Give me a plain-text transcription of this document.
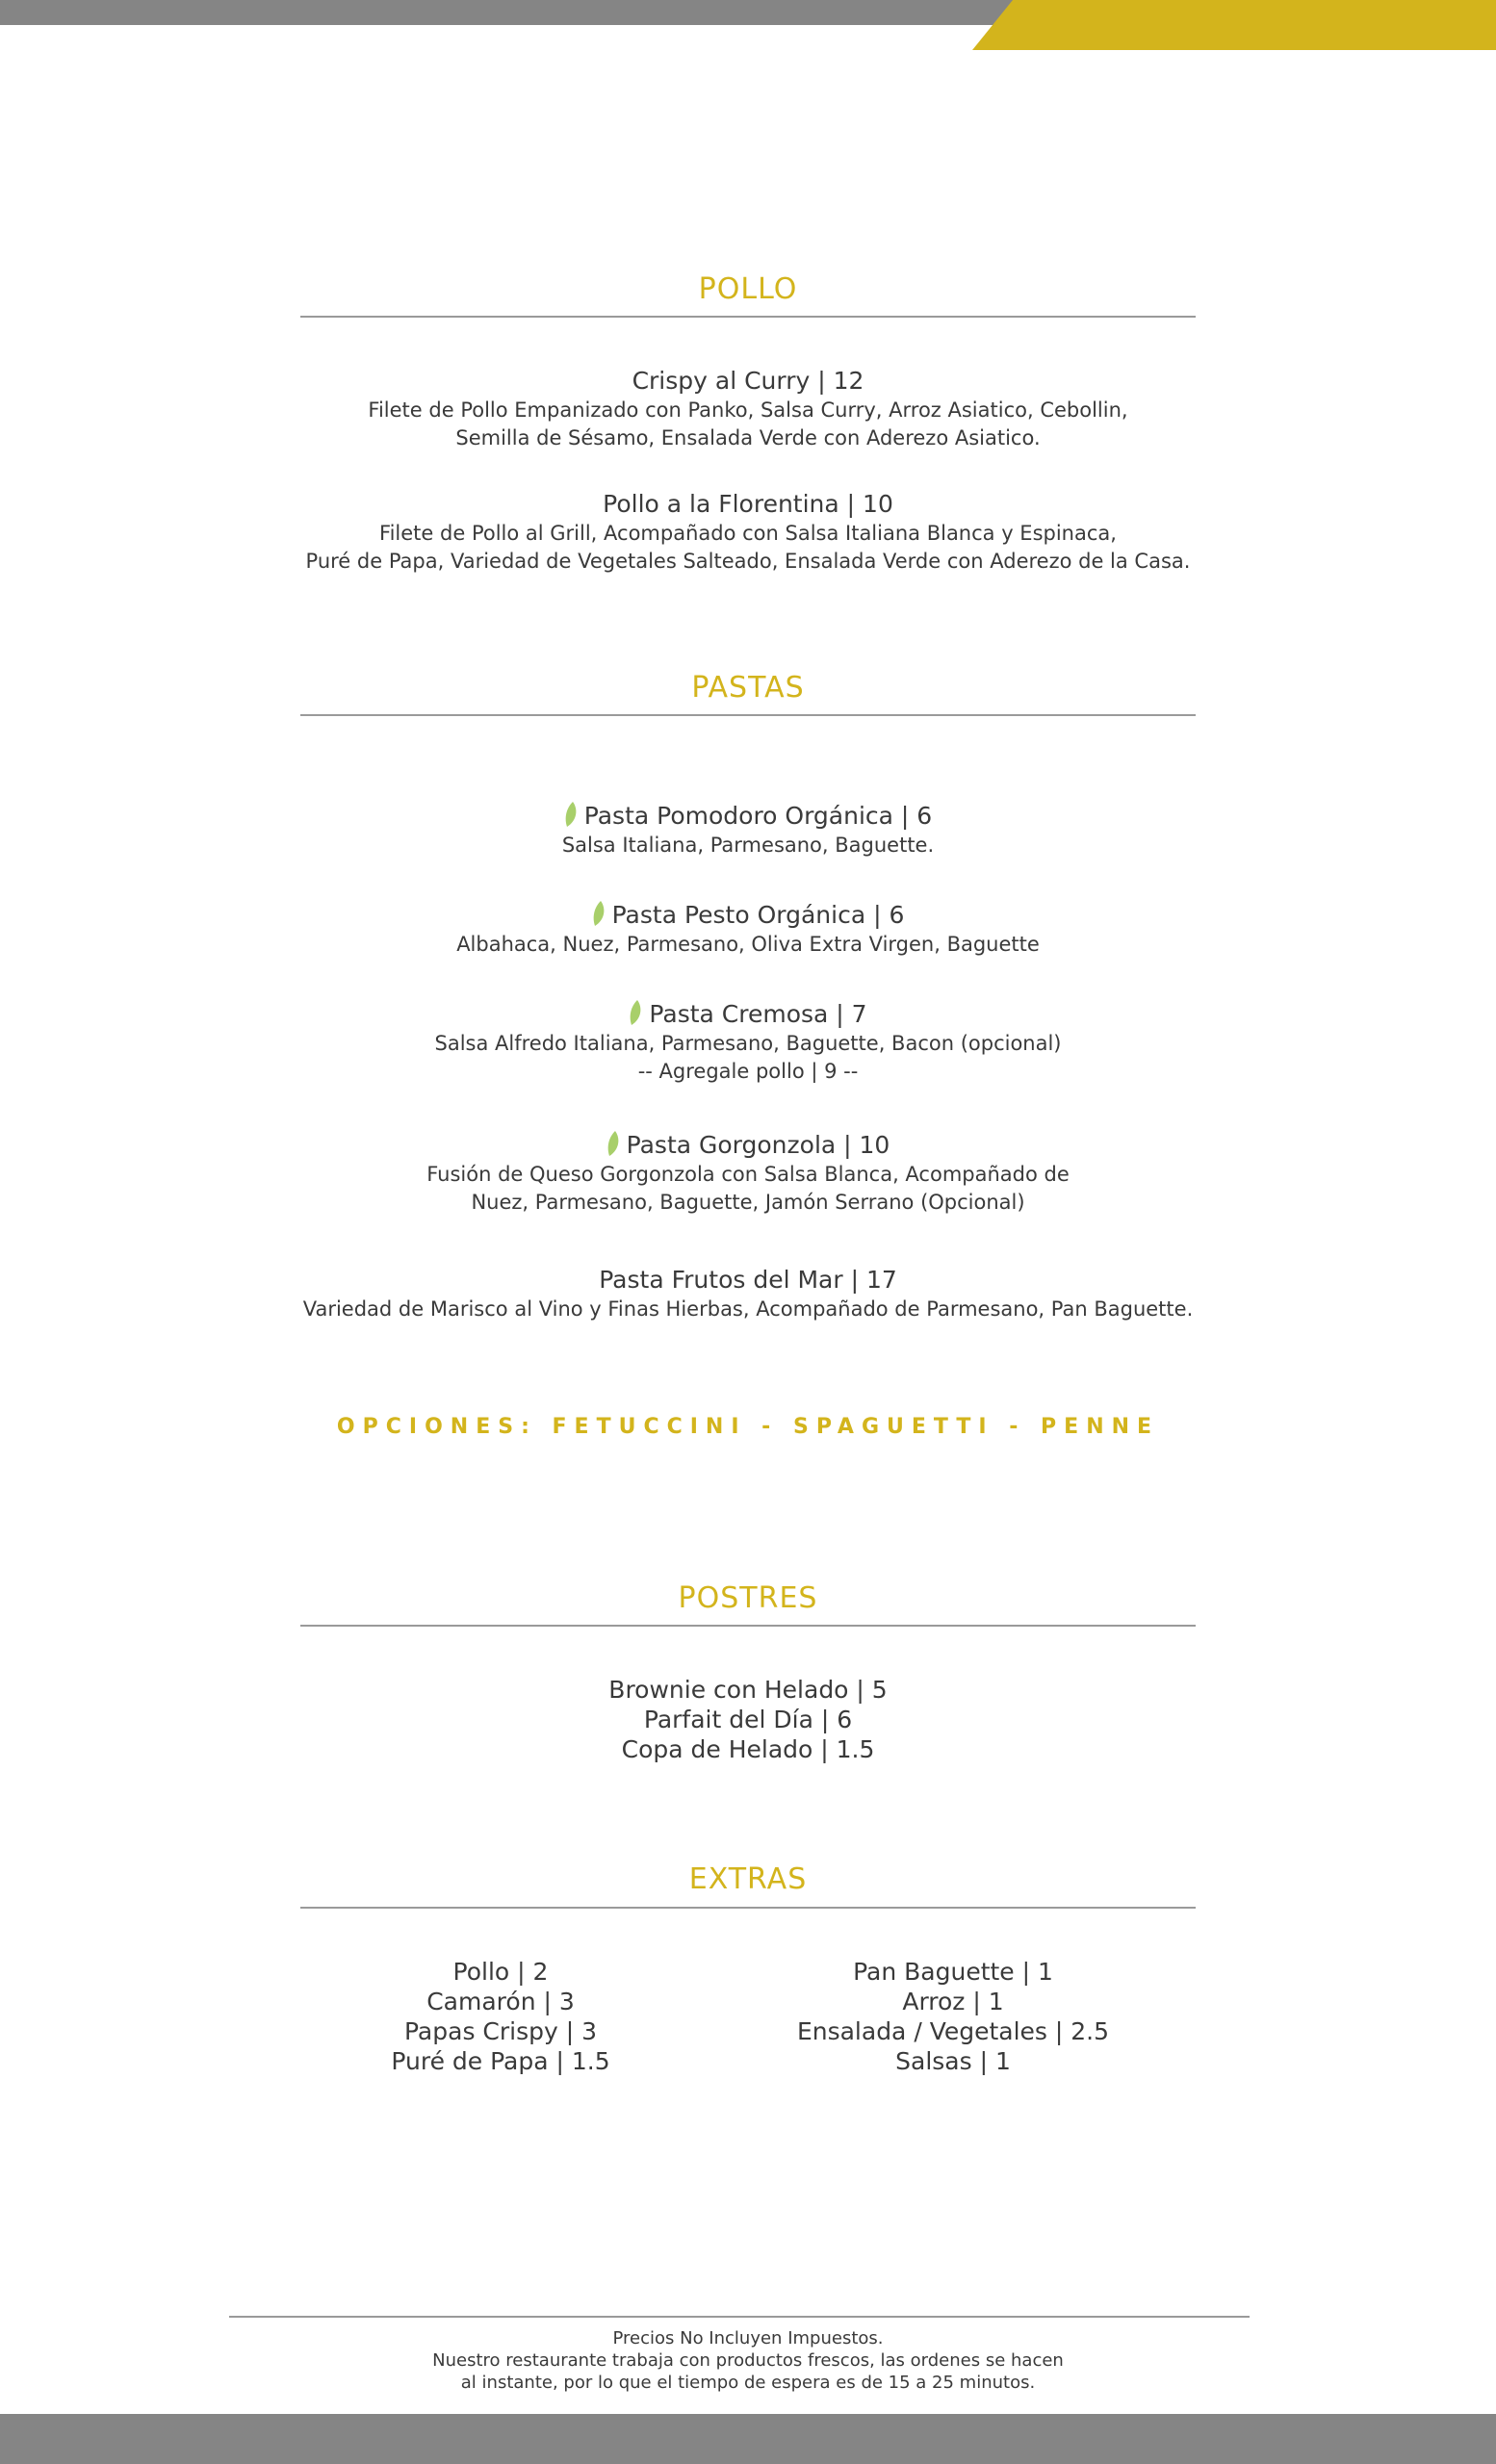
POLLO
Crispy al Curry | 12
Filete de Pollo Empanizado con Panko, Salsa Curry, Arroz Asiatico, Cebollin,
Semilla de Sésamo, Ensalada Verde con Aderezo Asiatico.
Pollo a la Florentina | 10
Filete de Pollo al Grill, Acompañado con Salsa Italiana Blanca y Espinaca,
Puré de Papa, Variedad de Vegetales Salteado, Ensalada Verde con Aderezo de la Casa.
PASTAS
Pasta Pomodoro Orgánica | 6
Salsa Italiana, Parmesano, Baguette.
Pasta Pesto Orgánica | 6
Albahaca, Nuez, Parmesano, Oliva Extra Virgen, Baguette
Pasta Cremosa | 7
Salsa Alfredo Italiana, Parmesano, Baguette, Bacon (opcional)
-- Agregale pollo | 9 --
Pasta Gorgonzola | 10
Fusión de Queso Gorgonzola con Salsa Blanca, Acompañado de
Nuez, Parmesano, Baguette, Jamón Serrano (Opcional)
Pasta Frutos del Mar | 17
Variedad de Marisco al Vino y Finas Hierbas, Acompañado de Parmesano, Pan Baguette.
OPCIONES: FETUCCINI - SPAGUETTI - PENNE
POSTRES
Brownie con Helado | 5
Parfait del Día | 6
Copa de Helado | 1.5
EXTRAS
Pollo | 2
Camarón | 3
Papas Crispy | 3
Puré de Papa | 1.5
Pan Baguette | 1
Arroz | 1
Ensalada / Vegetales | 2.5
Salsas | 1
Precios No Incluyen Impuestos.
Nuestro restaurante trabaja con productos frescos, las ordenes se hacen
al instante, por lo que el tiempo de espera es de 15 a 25 minutos.
